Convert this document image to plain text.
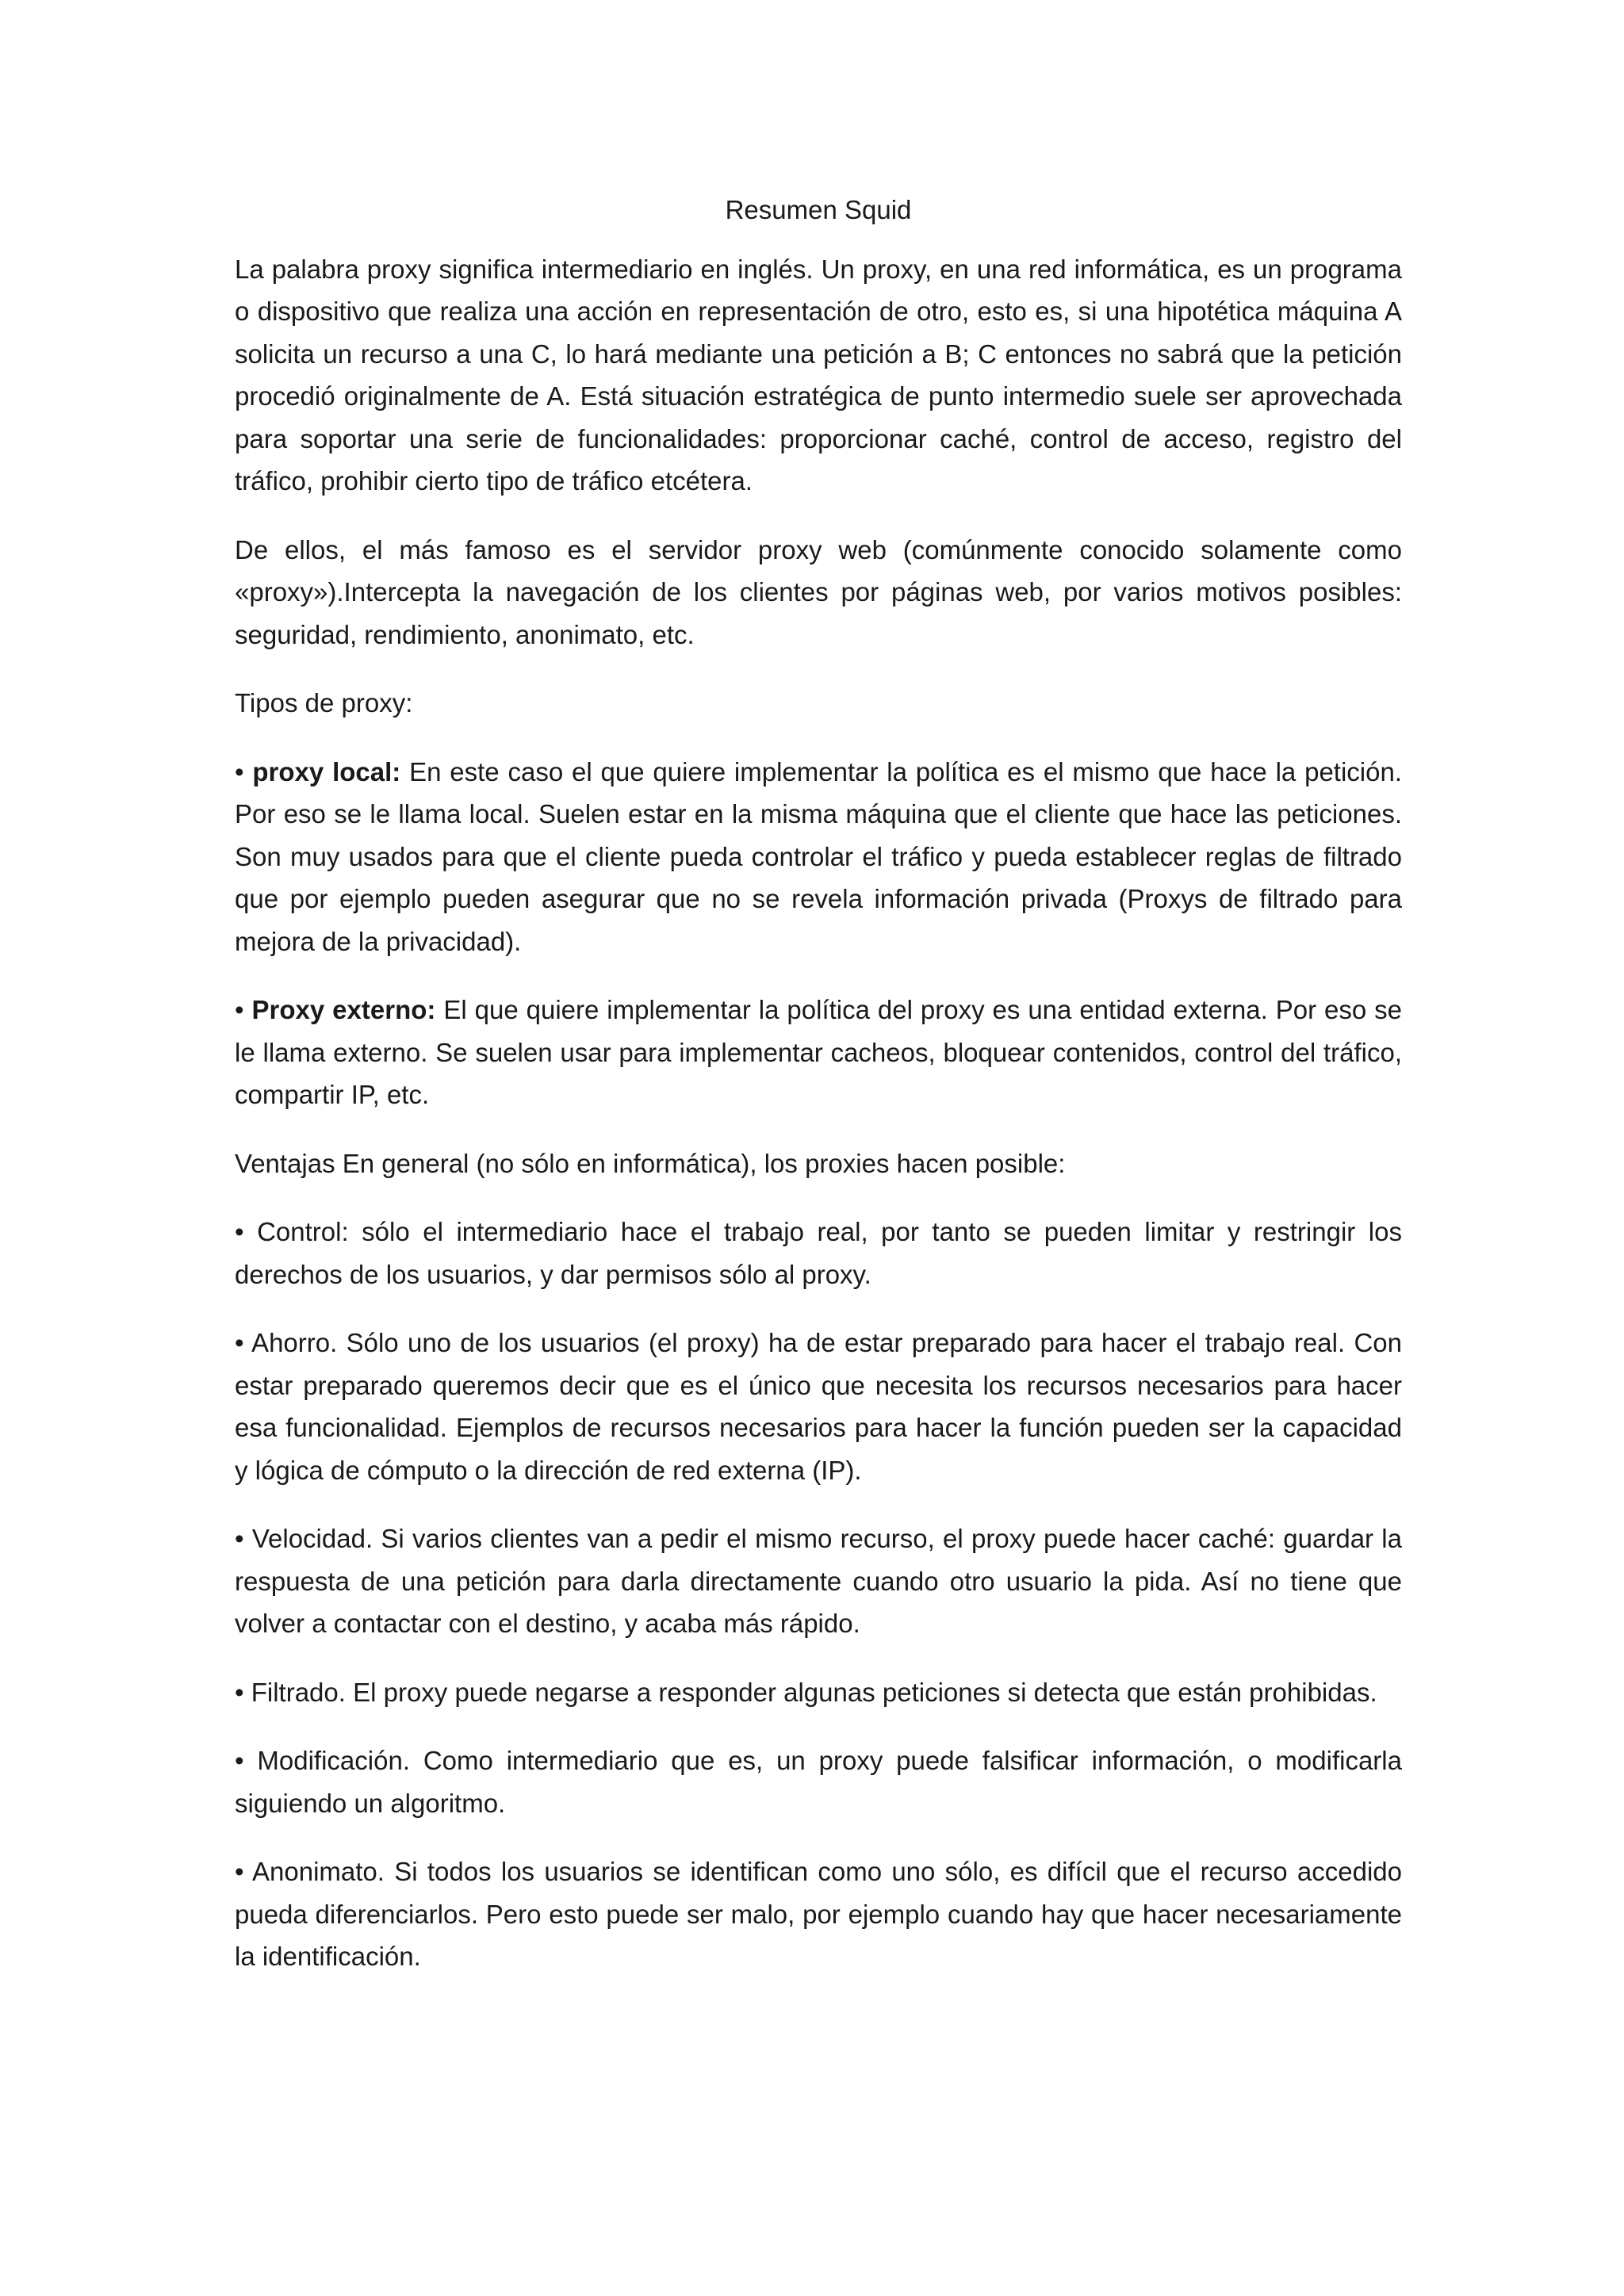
Resumen Squid

La palabra proxy significa intermediario en inglés. Un proxy, en una red informática, es un programa o dispositivo que realiza una acción en representación de otro, esto es, si una hipotética máquina A solicita un recurso a una C, lo hará mediante una petición a B; C entonces no sabrá que la petición procedió originalmente de A. Está situación estratégica de punto intermedio suele ser aprovechada para soportar una serie de funcionalidades: proporcionar caché, control de acceso, registro del tráfico, prohibir cierto tipo de tráfico etcétera.

De ellos, el más famoso es el servidor proxy web (comúnmente conocido solamente como «proxy»).Intercepta la navegación de los clientes por páginas web, por varios motivos posibles: seguridad, rendimiento, anonimato, etc.

Tipos de proxy:

• proxy local: En este caso el que quiere implementar la política es el mismo que hace la petición. Por eso se le llama local. Suelen estar en la misma máquina que el cliente que hace las peticiones. Son muy usados para que el cliente pueda controlar el tráfico y pueda establecer reglas de filtrado que por ejemplo pueden asegurar que no se revela información privada (Proxys de filtrado para mejora de la privacidad).

• Proxy externo: El que quiere implementar la política del proxy es una entidad externa. Por eso se le llama externo. Se suelen usar para implementar cacheos, bloquear contenidos, control del tráfico, compartir IP, etc.

Ventajas En general (no sólo en informática), los proxies hacen posible:

• Control: sólo el intermediario hace el trabajo real, por tanto se pueden limitar y restringir los derechos de los usuarios, y dar permisos sólo al proxy.

• Ahorro. Sólo uno de los usuarios (el proxy) ha de estar preparado para hacer el trabajo real. Con estar preparado queremos decir que es el único que necesita los recursos necesarios para hacer esa funcionalidad. Ejemplos de recursos necesarios para hacer la función pueden ser la capacidad y lógica de cómputo o la dirección de red externa (IP).

• Velocidad. Si varios clientes van a pedir el mismo recurso, el proxy puede hacer caché: guardar la respuesta de una petición para darla directamente cuando otro usuario la pida. Así no tiene que volver a contactar con el destino, y acaba más rápido.

• Filtrado. El proxy puede negarse a responder algunas peticiones si detecta que están prohibidas.

• Modificación. Como intermediario que es, un proxy puede falsificar información, o modificarla siguiendo un algoritmo.

• Anonimato. Si todos los usuarios se identifican como uno sólo, es difícil que el recurso accedido pueda diferenciarlos. Pero esto puede ser malo, por ejemplo cuando hay que hacer necesariamente la identificación.
